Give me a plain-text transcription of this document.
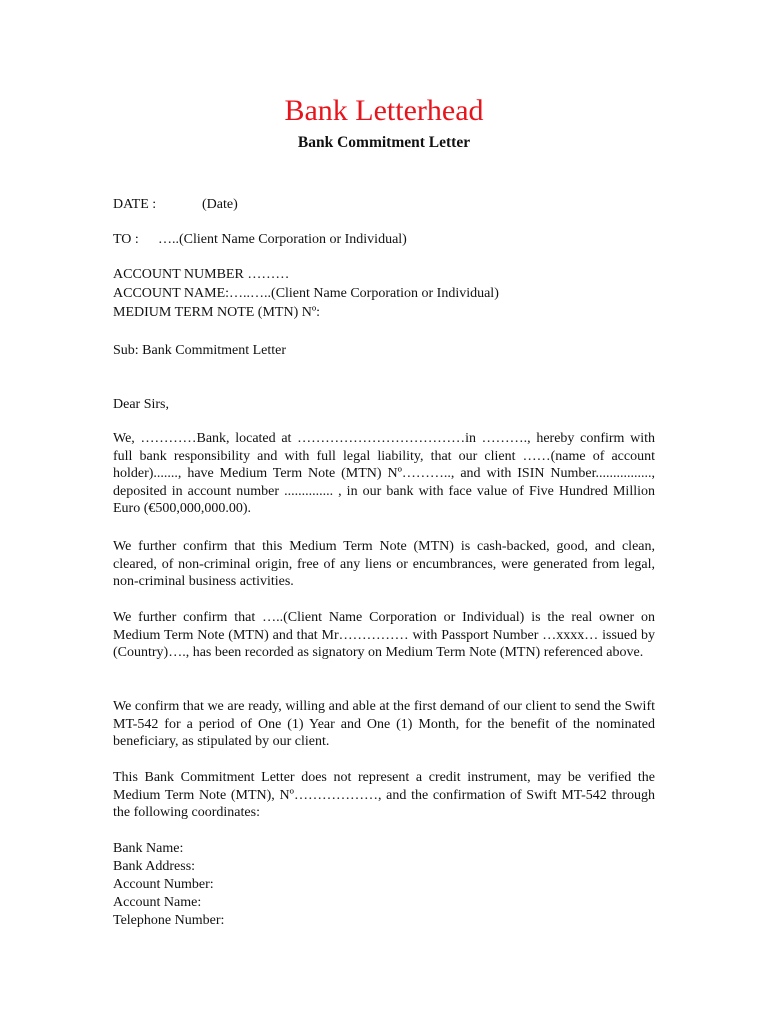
Bank Letterhead
Bank Commitment Letter
DATE :	(Date)
TO : …..(Client Name Corporation or Individual)
ACCOUNT NUMBER ………
ACCOUNT NAME:…..…..(Client Name Corporation or Individual)
MEDIUM TERM NOTE (MTN) Nº:
Sub: Bank Commitment Letter
Dear Sirs,
We, …………Bank, located at ………………………………in ………., hereby confirm with full bank responsibility and with full legal liability, that our client ……(name of account holder)......., have Medium Term Note (MTN) Nº……….., and with ISIN Number................, deposited in account number .............. , in our bank with face value of Five Hundred Million Euro (€500,000,000.00).
We further confirm that this Medium Term Note (MTN) is cash-backed, good, and clean, cleared, of non-criminal origin, free of any liens or encumbrances, were generated from legal, non-criminal business activities.
We further confirm that …..(Client Name Corporation or Individual) is the real owner on Medium Term Note (MTN) and that Mr…………… with Passport Number …xxxx… issued by (Country)…., has been recorded as signatory on Medium Term Note (MTN) referenced above.
We confirm that we are ready, willing and able at the first demand of our client to send the Swift MT-542 for a period of One (1) Year and One (1) Month, for the benefit of the nominated beneficiary, as stipulated by our client.
This Bank Commitment Letter does not represent a credit instrument, may be verified the Medium Term Note (MTN), Nº………………, and the confirmation of Swift MT-542 through the following coordinates:
Bank Name:
Bank Address:
Account Number:
Account Name:
Telephone Number:
